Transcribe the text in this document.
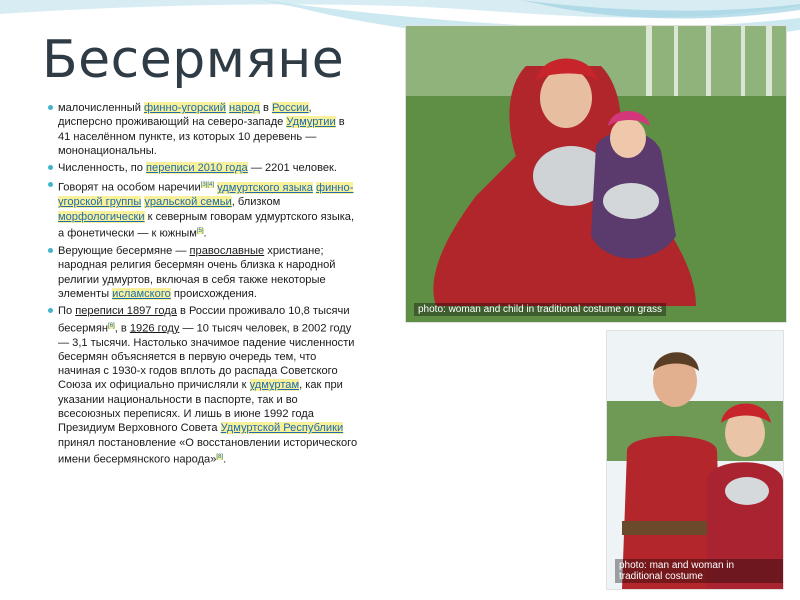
Бесермяне
малочисленный финно-угорский народ в России, дисперсно проживающий на северо-западе Удмуртии в 41 населённом пункте, из которых 10 деревень — мононациональны.
Численность, по переписи 2010 года — 2201 человек.
Говорят на особом наречии[3][4] удмуртского языка финно-угорской группы уральской семьи, близком морфологически к северным говорам удмуртского языка, а фонетически — к южным[5].
Верующие бесермяне — православные христиане; народная религия бесермян очень близка к народной религии удмуртов, включая в себя также некоторые элементы исламского происхождения.
По переписи 1897 года в России проживало 10,8 тысячи бесермян[6], в 1926 году — 10 тысяч человек, в 2002 году — 3,1 тысячи. Настолько значимое падение численности бесермян объясняется в первую очередь тем, что начиная с 1930-х годов вплоть до распада Советского Союза их официально причисляли к удмуртам, как при указании национальности в паспорте, так и во всесоюзных переписях. И лишь в июне 1992 года Президиум Верховного Совета Удмуртской Республики принял постановление «О восстановлении исторического имени бесермянского народа»[8].
photo: woman and child in traditional costume on grass
photo: man and woman in traditional costume
